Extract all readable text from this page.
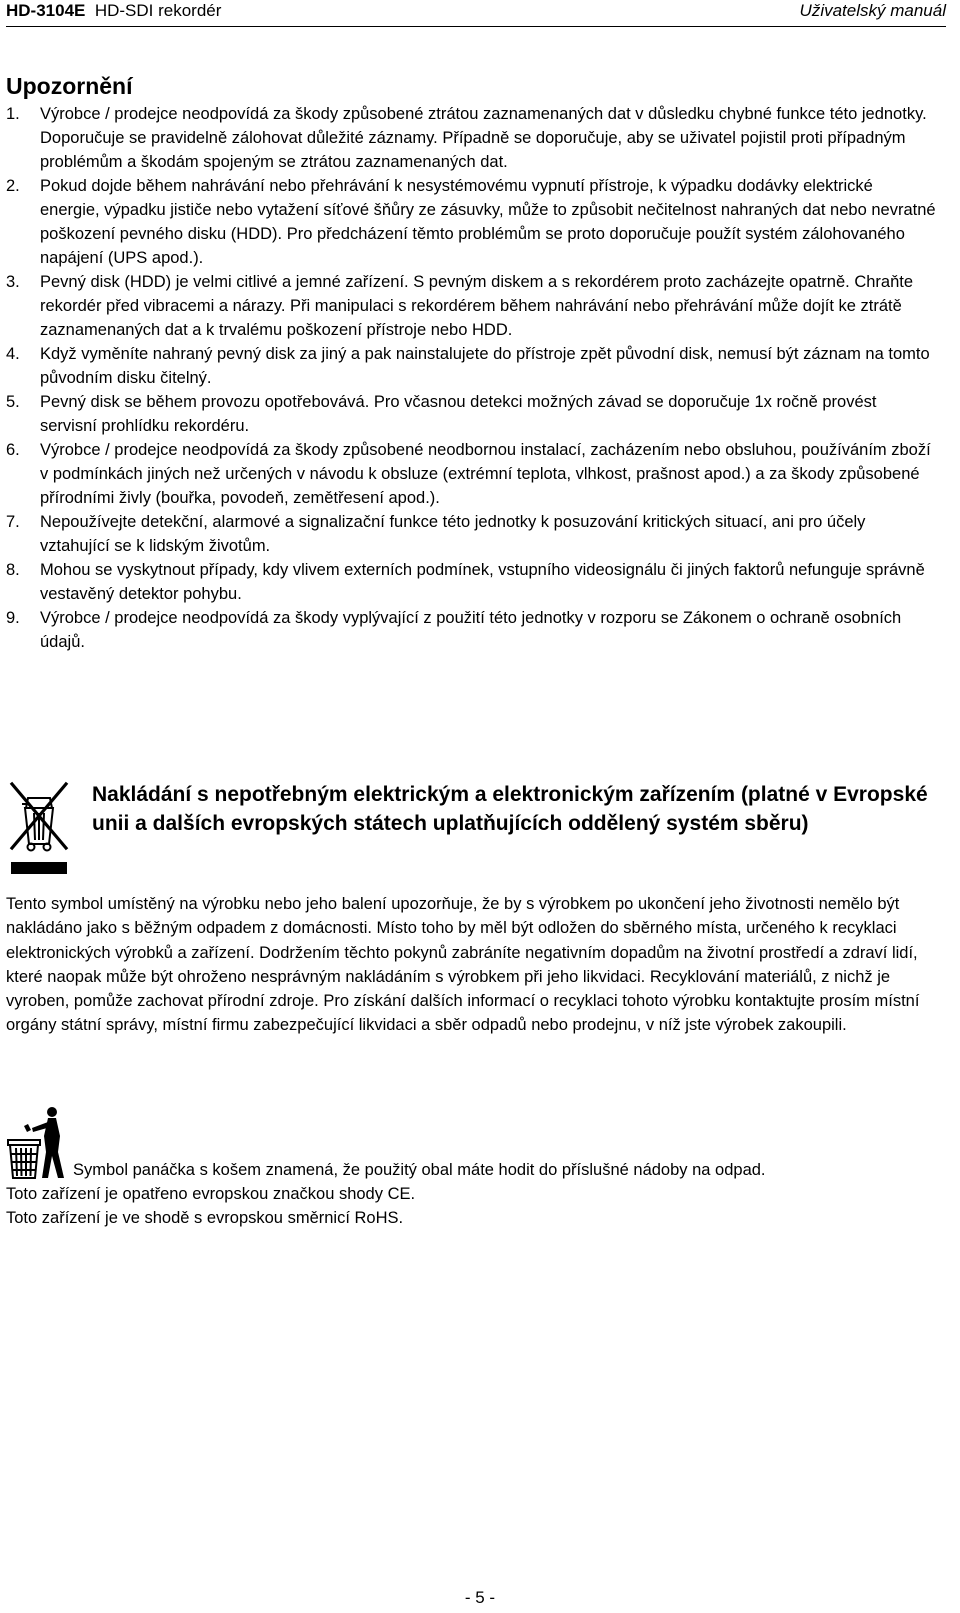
HD-3104E HD-SDI rekordér	Uživatelský manuál
Upozornění
1.	Výrobce / prodejce neodpovídá za škody způsobené ztrátou zaznamenaných dat v důsledku chybné funkce této jednotky. Doporučuje se pravidelně zálohovat důležité záznamy. Případně se doporučuje, aby se uživatel pojistil proti případným problémům a škodám spojeným se ztrátou zaznamenaných dat.
2.	Pokud dojde během nahrávání nebo přehrávání k nesystémovému vypnutí přístroje, k výpadku dodávky elektrické energie, výpadku jističe nebo vytažení síťové šňůry ze zásuvky, může to způsobit nečitelnost nahraných dat nebo nevratné poškození pevného disku (HDD). Pro předcházení těmto problémům se proto doporučuje použít systém zálohovaného napájení (UPS apod.).
3.	Pevný disk (HDD) je velmi citlivé a jemné zařízení. S pevným diskem a s rekordérem proto zacházejte opatrně. Chraňte rekordér před vibracemi a nárazy. Při manipulaci s rekordérem během nahrávání nebo přehrávání může dojít ke ztrátě zaznamenaných dat a k trvalému poškození přístroje nebo HDD.
4.	Když vyměníte nahraný pevný disk za jiný a pak nainstalujete do přístroje zpět původní disk, nemusí být záznam na tomto původním disku čitelný.
5.	Pevný disk se během provozu opotřebovává. Pro včasnou detekci možných závad se doporučuje 1x ročně provést servisní prohlídku rekordéru.
6.	Výrobce / prodejce neodpovídá za škody způsobené neodbornou instalací, zacházením nebo obsluhou, používáním zboží v podmínkách jiných než určených v návodu k obsluze (extrémní teplota, vlhkost, prašnost apod.) a za škody způsobené přírodními živly (bouřka, povodeň, zemětřesení apod.).
7.	Nepoužívejte detekční, alarmové a signalizační funkce této jednotky k posuzování kritických situací, ani pro účely vztahující se k lidským životům.
8.	Mohou se vyskytnout případy, kdy vlivem externích podmínek, vstupního videosignálu či jiných faktorů nefunguje správně vestavěný detektor pohybu.
9.	Výrobce / prodejce neodpovídá za škody vyplývající z použití této jednotky v rozporu se Zákonem o ochraně osobních údajů.
Nakládání s nepotřebným elektrickým a elektronickým zařízením (platné v Evropské unii a dalších evropských státech uplatňujících oddělený systém sběru)

Tento symbol umístěný na výrobku nebo jeho balení upozorňuje, že by s výrobkem po ukončení jeho životnosti nemělo být nakládáno jako s běžným odpadem z domácnosti. Místo toho by měl být odložen do sběrného místa, určeného k recyklaci elektronických výrobků a zařízení. Dodržením těchto pokynů zabráníte negativním dopadům na životní prostředí a zdraví lidí, které naopak může být ohroženo nesprávným nakládáním s výrobkem při jeho likvidaci. Recyklování materiálů, z nichž je vyroben, pomůže zachovat přírodní zdroje. Pro získání dalších informací o recyklaci tohoto výrobku kontaktujte prosím místní orgány státní správy, místní firmu zabezpečující likvidaci a sběr odpadů nebo prodejnu, v níž jste výrobek zakoupili.

Symbol panáčka s košem znamená, že použitý obal máte hodit do příslušné nádoby na odpad.

Toto zařízení je opatřeno evropskou značkou shody CE.
Toto zařízení je ve shodě s evropskou směrnicí RoHS.

- 5 -
